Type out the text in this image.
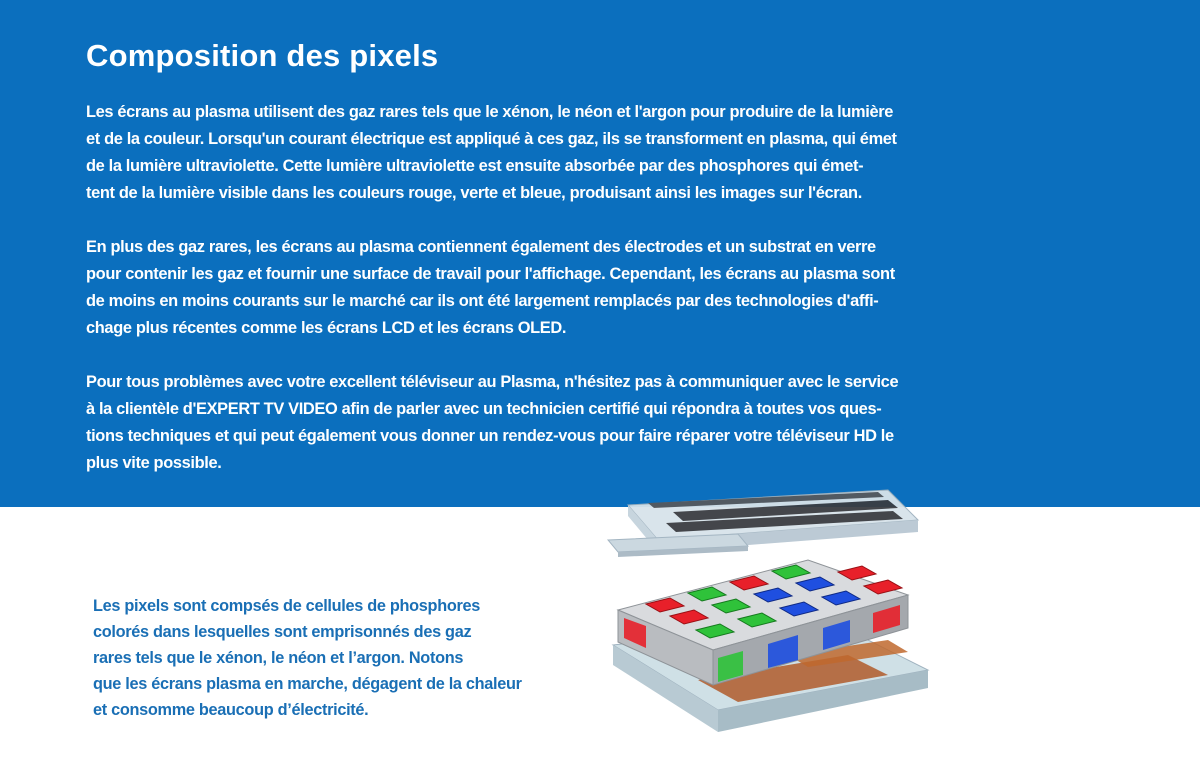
Composition des pixels

Les écrans au plasma utilisent des gaz rares tels que le xénon, le néon et l'argon pour produire de la lumière
et de la couleur. Lorsqu'un courant électrique est appliqué à ces gaz, ils se transforment en plasma, qui émet
de la lumière ultraviolette. Cette lumière ultraviolette est ensuite absorbée par des phosphores qui émet-
tent de la lumière visible dans les couleurs rouge, verte et bleue, produisant ainsi les images sur l'écran.

En plus des gaz rares, les écrans au plasma contiennent également des électrodes et un substrat en verre
pour contenir les gaz et fournir une surface de travail pour l'affichage. Cependant, les écrans au plasma sont
de moins en moins courants sur le marché car ils ont été largement remplacés par des technologies d'affi-
chage plus récentes comme les écrans LCD et les écrans OLED.

Pour tous problèmes avec votre excellent téléviseur au Plasma, n'hésitez pas à communiquer avec le service
à la clientèle d'EXPERT TV VIDEO afin de parler avec un technicien certifié qui répondra à toutes vos ques-
tions techniques et qui peut également vous donner un rendez-vous pour faire réparer votre téléviseur HD le
plus vite possible.

Les pixels sont compsés de cellules de phosphores
colorés dans lesquelles sont emprisonnés des gaz
rares tels que le xénon, le néon et l’argon. Notons
que les écrans plasma en marche, dégagent de la chaleur
et consomme beaucoup d’électricité.
